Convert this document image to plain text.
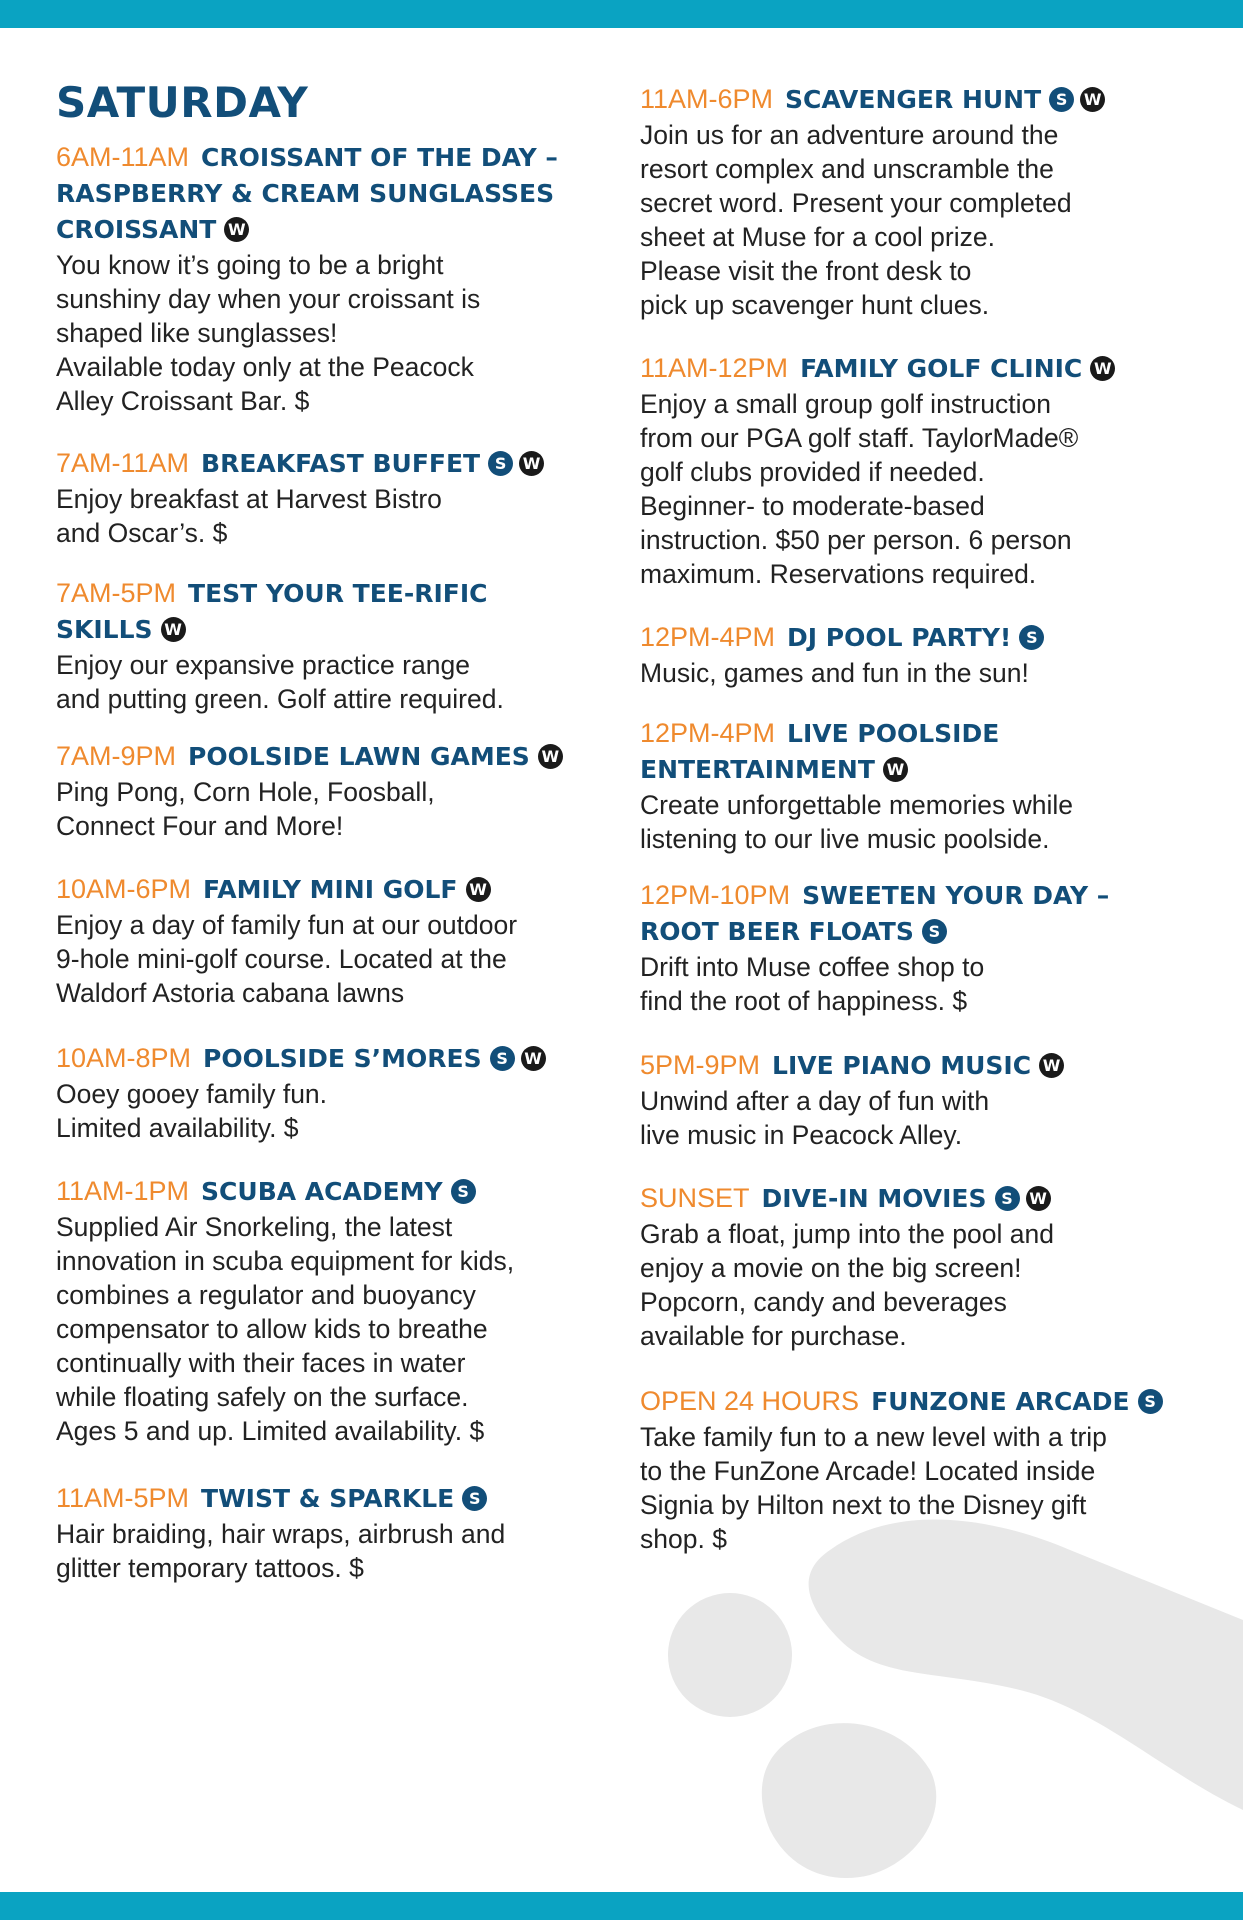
SATURDAY

6AM-11AM CROISSANT OF THE DAY –
RASPBERRY & CREAM SUNGLASSES
CROISSANT W

You know it’s going to be a bright
sunshiny day when your croissant is
shaped like sunglasses!
Available today only at the Peacock
Alley Croissant Bar. $

7AM-11AM BREAKFAST BUFFET S W

Enjoy breakfast at Harvest Bistro
and Oscar’s. $

7AM-5PM TEST YOUR TEE-RIFIC
SKILLS W

Enjoy our expansive practice range
and putting green. Golf attire required.

7AM-9PM POOLSIDE LAWN GAMES W

Ping Pong, Corn Hole, Foosball,
Connect Four and More!

10AM-6PM FAMILY MINI GOLF W

Enjoy a day of family fun at our outdoor
9-hole mini-golf course. Located at the
Waldorf Astoria cabana lawns

10AM-8PM POOLSIDE S’MORES S W

Ooey gooey family fun.
Limited availability. $

11AM-1PM SCUBA ACADEMY S

Supplied Air Snorkeling, the latest
innovation in scuba equipment for kids,
combines a regulator and buoyancy
compensator to allow kids to breathe
continually with their faces in water
while floating safely on the surface.
Ages 5 and up. Limited availability. $

11AM-5PM TWIST & SPARKLE S

Hair braiding, hair wraps, airbrush and
glitter temporary tattoos. $

11AM-6PM SCAVENGER HUNT S W

Join us for an adventure around the
resort complex and unscramble the
secret word. Present your completed
sheet at Muse for a cool prize.
Please visit the front desk to
pick up scavenger hunt clues.

11AM-12PM FAMILY GOLF CLINIC W

Enjoy a small group golf instruction
from our PGA golf staff. TaylorMade®
golf clubs provided if needed.
Beginner- to moderate-based
instruction. $50 per person. 6 person
maximum. Reservations required.

12PM-4PM DJ POOL PARTY! S

Music, games and fun in the sun!

12PM-4PM LIVE POOLSIDE
ENTERTAINMENT W

Create unforgettable memories while
listening to our live music poolside.

12PM-10PM SWEETEN YOUR DAY –
ROOT BEER FLOATS S

Drift into Muse coffee shop to
find the root of happiness. $

5PM-9PM LIVE PIANO MUSIC W

Unwind after a day of fun with
live music in Peacock Alley.

SUNSET DIVE-IN MOVIES S W

Grab a float, jump into the pool and
enjoy a movie on the big screen!
Popcorn, candy and beverages
available for purchase.

OPEN 24 HOURS FUNZONE ARCADE S

Take family fun to a new level with a trip
to the FunZone Arcade! Located inside
Signia by Hilton next to the Disney gift
shop. $
